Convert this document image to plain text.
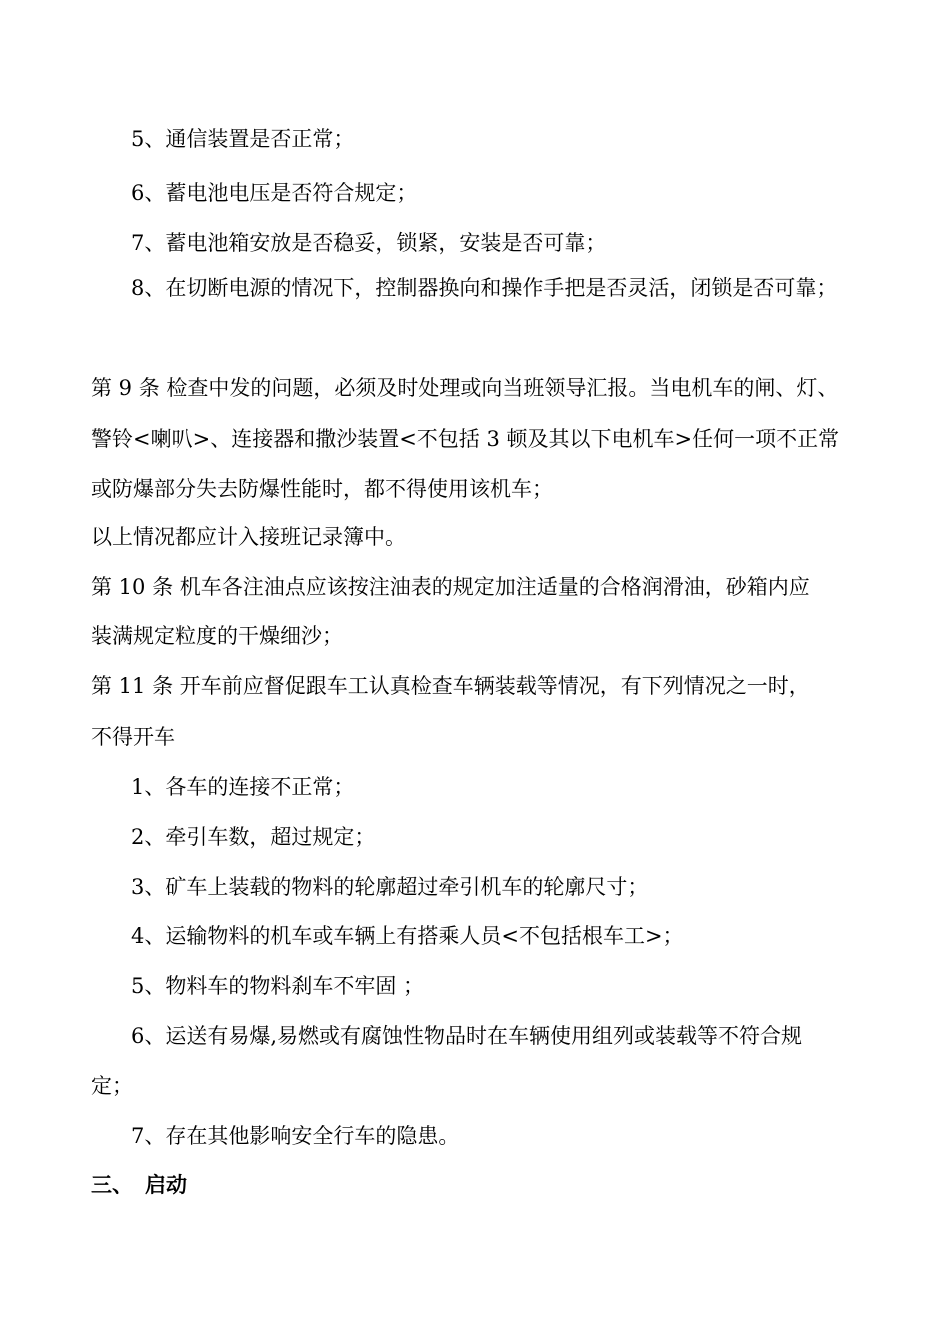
5、通信装置是否正常；
6、蓄电池电压是否符合规定；
7、蓄电池箱安放是否稳妥，锁紧，安装是否可靠；
8、在切断电源的情况下，控制器换向和操作手把是否灵活，闭锁是否可靠；
第 9 条 检查中发的问题，必须及时处理或向当班领导汇报。当电机车的闸、灯、
警铃<喇叭>、连接器和撒沙装置<不包括 3 顿及其以下电机车>任何一项不正常
或防爆部分失去防爆性能时，都不得使用该机车；
以上情况都应计入接班记录簿中。
第 10 条 机车各注油点应该按注油表的规定加注适量的合格润滑油，砂箱内应
装满规定粒度的干燥细沙；
第 11 条 开车前应督促跟车工认真检查车辆装载等情况，有下列情况之一时，
不得开车
1、各车的连接不正常；
2、牵引车数，超过规定；
3、矿车上装载的物料的轮廓超过牵引机车的轮廓尺寸；
4、运输物料的机车或车辆上有搭乘人员<不包括根车工>；
5、物料车的物料刹车不牢固 ；
6、运送有易爆,易燃或有腐蚀性物品时在车辆使用组列或装载等不符合规
定；
7、存在其他影响安全行车的隐患。
三、 启动
